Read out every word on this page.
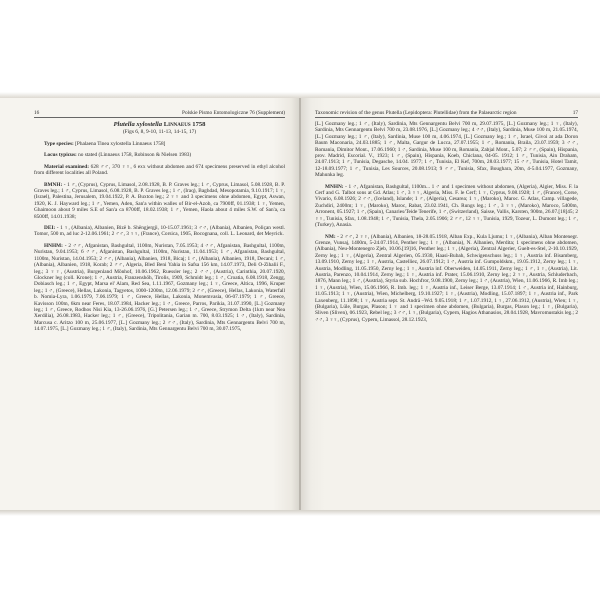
16	Polskie Pismo Entomologiczne 76 (Supplement)
Plutella xylostella Linnaeus 1758
(Figs 6, 8, 9-10, 11-13, 14-15, 17)

Type species: [Phalaena Tinea xylostella Linnaeus 1758]

Locus typicus: no stated (Linnaeus 1758, Robinson & Nielsen 1983)

Material examined: 628 ♂♂, 370 ♀♀, 6 exx without abdomen and 674 specimens preserved in ethyl alcohol from different localities all Poland.

BMNH: - 1 ♂, (Cyprus), Cyprus, Limasol, 2.08.1928, B. P. Graves leg.; 1 ♂, Cyprus, Limasol, 5.08.1928, B. P. Graves leg.; 1 ♂, Cyprus, Limasol, 6.08.1928, B. P. Graves leg.; 1 ♂, (Iraq), Baghdad, Mesopotamia, 9.10.1917; 1 ♀, (Israel), Palestina, Jerusalem, 19.04.1922, P. A. Buxton leg.; 2 ♀♀ and 3 specimens ohne abdomen, Egypt, Aswan, 1920, K. J. Hayward leg.; 1 ♂, Yemen, Aden, San'a within walles of Bir-el-Azob, ca 7900ff, 01.1938; 1 ♀, Yemen, Ghaimoon about 9 miles S.E of San'a ca 8700ff, 18.02.1938; 1 ♂, Yemen, Haola about 4 miles S.W. of San'a, ca 8500ff, 14.01.1938;

DEI: - 1 ♀, (Albania), Albanien, Bizë b. Shëngjergji, 10-15.07.1961; 3 ♂♂, (Albania), Albanien, Poliçan westl. Tomor, 500 m, ad luc 2-12.06.1961; 2 ♂♂, 3 ♀♀, (France), Corsica, 1905, Bocognana, coll. L. Leonard, det Meyrick.

HNHM: - 2 ♂♂, Afganistan, Bashgultal, 1100m, Nuristan, 7.05.1953; 4 ♂♂, Afganistan, Bashgultal, 1100m, Nuristan, 9.04.1953; 6 ♂♂, Afganistan, Bashgultal, 1100m, Nuristan, 11.04.1953; 1 ♂, Afganistan, Bashgultal, 1100m, Nuristan, 14.04.1953; 2 ♂♂, (Albania), Albanien, 1918, Bicaj; 1 ♂, (Albania), Albanien, 1918, Decani; 1 ♂, (Albania), Albanien, 1918, Korab; 2 ♂♂, Algeria, Bled Beni Yahia in Safsa 156 km, 14.07.1973, Deli O-Zihalii F., leg.; 3 ♀♀, (Austria), Burgenland Mönhof, 10.06.1962, Ruessler leg.; 2 ♂♂, (Austria), Carinthia, 20.07.1920, Glockner leg (coll. Krone); 1 ♂, Austria, Franzenshöh, Tirolis, 1909, Schmidt leg.; 1 ♂, Croatia, 6.08.1918, Zengg, Dobiasch leg.; 1 ♂, Egypt, Marsa el' Alam, Red Sea, 1.11.1967, Gozmany leg.; 1 ♀, Greece, Altica, 1996, Kruper leg.; 1 ♂, (Greece), Hellas, Lakonia, Tagyetos, 1000-1200m, 12.06.1979; 2 ♂♂, (Greece), Hellas, Lakonia, Waterfall b. Nomia-Lyra, 1.06.1979, 7.06.1979; 1 ♂, Greece, Hellas, Lakonia, Monemvasia, 06-07.1979; 1 ♂, Greece, Kavisson 100m, 6km near Feres, 18.07.1984, Hacker leg.; 1 ♂, Greece, Parros, Parikia, 31.07.1990, [L.] Gozmany leg.; 1 ♂, Greece, Rodhos Nisi Kia, 13-26.06.1976, [G.] Petersen leg.; 1 ♂, Greece, Strymon Delta (1km near Nea Xerdilia), 26.08.1983, Hacker leg.; 1 ♂, (Greece), Tripolitania, Garian m. 700, 8.03.1925; 1 ♂, (Italy), Sardinia, Marcusa c. Aritzo 100 m, 25.06.1977, [L.] Gozmany leg.; 2 ♂♂, (Italy), Sardinia, Mts Gennargentu Belvi 700 m, 14.07.1975, [L.] Gozmany leg.; 1 ♂, (Italy), Sardinia, Mts Gennargentu Belvi 700 m, 30.07.1975,

Taxonomic revision of the genus Plutella (Lepidoptera: Plutellidae) from the Palaearctic region	17

[L.] Gozmany leg.; 1 ♂, (Italy), Sardinia, Mts Gennargentu Belvi 700 m, 29.07.1975, [L.] Gozmany leg.; 1 ♀, (Italy), Sardinia, Mts Gennargentu Belvi 700 m, 23.08.1976, [L.] Gozmany leg.; 4 ♂♂, (Italy), Sardinia, Muse 100 m, 21.05.1974, [L.] Gozmany leg.; 1 ♂, (Italy), Sardinia, Muse 100 m, 4.06.1974, [L.] Gozmany leg.; 1 ♂, Israel, Givoi at ada Doron Baum Maconaria, 24.03.1885; 1 ♂, Malta, Gargur de Lucca, 27.07.1955; 1 ♂, Romania, Braila, 23.07.1959; 3 ♂♂, Romania, Dimitor Mont., 17.06.1960; 1 ♂, Sardinia, Muse 100 m, Romania, Zabjal Mont., 5.07; 2 ♂♂, (Spain), Hispania, prov. Madrid, Escorial. V., 1923; 1 ♂, (Spain), Hispania, Koeb, Chiclana, 04-05. 1912; 1 ♂, Tunisia, Ain Draham, 24.07.1913; 1 ♂, Tunisia, Degasche, 14.04. 1977; 1 ♂, Tunisia, El Kef, 700m, 28.03.1977; 15 ♂♂, Tunisia, Hotel Tamit, 12-18.09.1977; 1 ♂, Tunisia, Les Sources, 20.08.1913; 9 ♂♂, Tunisia, Sfax, Boughara, 20m, 4-5.04.1977, Gozmany, Mahunka leg.

MNHN: - 1 ♂, Afganistan, Bashgultal, 1100m... 1 ♂ and 1 specimen without abdomen, (Algeria), Algier, Miss. F. la Cerf and G. Talbot sons at Gd. Atlas; 1 ♂, 3 ♀♀, Algeria, Miss. F. le Cerf; 1 ♀, Cyprus, 9.08.1928; 1 ♂, (France), Corse, Vivario, 6.08.1926; 2 ♂♂, (Iceland), Islande; 1 ♂, (Algeria), Cesarea; 1 ♀, (Maroko), Maroc. G. Atlas, Camp. villagede, Zuchdiri, 2400m; 1 ♀, (Maroko), Maroc, Rabat, 23.02.1941, Ch. Rungs leg.; 1 ♂, 3 ♀♀, (Maroko), Maroco, 5400m, Arronent, 05.1927; 1 ♂, (Spain), Canaries/Teide Tenerife, 1 ♂, (Switzerland), Saisse, Vallis, Karsten, 900m, 26.07.[18]45; 2 ♀♀, Tunisia, Sfax, 1.08.1948; 1 ♂, Tunisia, Thela, 2.05.1906; 2 ♂♂, 12 ♀♀, Tunisia, 1929, Tozeur, L. Dumont leg.; 1 ♂, (Turkey), Anasia.

NM: - 2 ♂♂, 2 ♀♀, (Albania), Albanien, 18-28.05.1918, Alban Exp., Kula Ljumu; 1 ♀, (Albania), Alban Montenegr. Grenze, Vunsaj, 1400m, 5-24.07.1914, Penther leg.; 1 ♀, (Albania), N. Albanien, Merdita; 1 specimens ohne abdomen, (Albania), Neu-Montenegro Zjeb, 10.06.[19]16, Penther leg.; 1 ♀, (Algeria), Zentral Algerier, Guelt-es-Stel, 2-10.10.1929, Zerny leg.; 1 ♀, (Algeria), Zentral Algerien, 05.1930, Haasi-Bubah, Schwigenschuss leg.; 1 ♀, Austria inf. Bisamberg, 13.09.1910, Zerny leg.; 1 ♀, Austria, Castelliez, 26.07.1912; 1 ♂, Austria inf. Gumpoldskm., 19.05.1912, Zerny leg.; 1 ♀, Austria, Modling, 11.05.1950, Zerny leg.; 1 ♀, Austria inf. Oberweiden, 14.05.1911, Zerny leg.; 1 ♂, 1 ♀, (Austria), Lit. Austria, Parenzo, 10.04.1914, Zerny leg.; 1 ♀, Austria inf. Prater, 15.06.1910, Zerny leg.; 2 ♀♀, Austria, Schluderbach, 1876, Mann leg.; 1 ♂, (Austria), Styria sub. Hochfror, 9.08.1900, Zerny leg.; 1 ♂, (Austria), Wien, 11.06.1966, R. Imb leg.; 1 ♀, (Austria), Wien, 15.06.1966, R. Imb. leg.; 1 ♀, Austria inf., Leiser Berge, 13.07.1914; 1 ♂, Austria inf, Hainburg, 11.05.1913; 1 ♀, (Austria), Wien, Michelberg, 19.10.1927; 1 ♀, (Austria), Modling, 15.07.1897; 1 ♀, Austria inf., Park Laxenberg, 11.1898; 1 ♀, Austria sept. St. Andrä –Wd. 9.05.1918; 1 ♂, 1.07.1912, 1 ♀, 27.06.1912, (Austria), Wien; 1 ♀, (Bulgaria), Lüle, Burgas, Plason; 1 ♀ and 1 specimen ohne abdomen, (Bulgaria), Burgas, Plason leg.; 1 ♀, (Bulgaria), Sliven (Sliven), 06.1923, Rebel leg.; 3 ♂♂, 1 ♀, (Bulgaria), Cypern, Hagios Athanasios, 28.04.1928, Mavromustakis leg.; 2 ♂♂, 3 ♀♀, (Cyprus), Cypern, Limassol, 28.12.1923,
